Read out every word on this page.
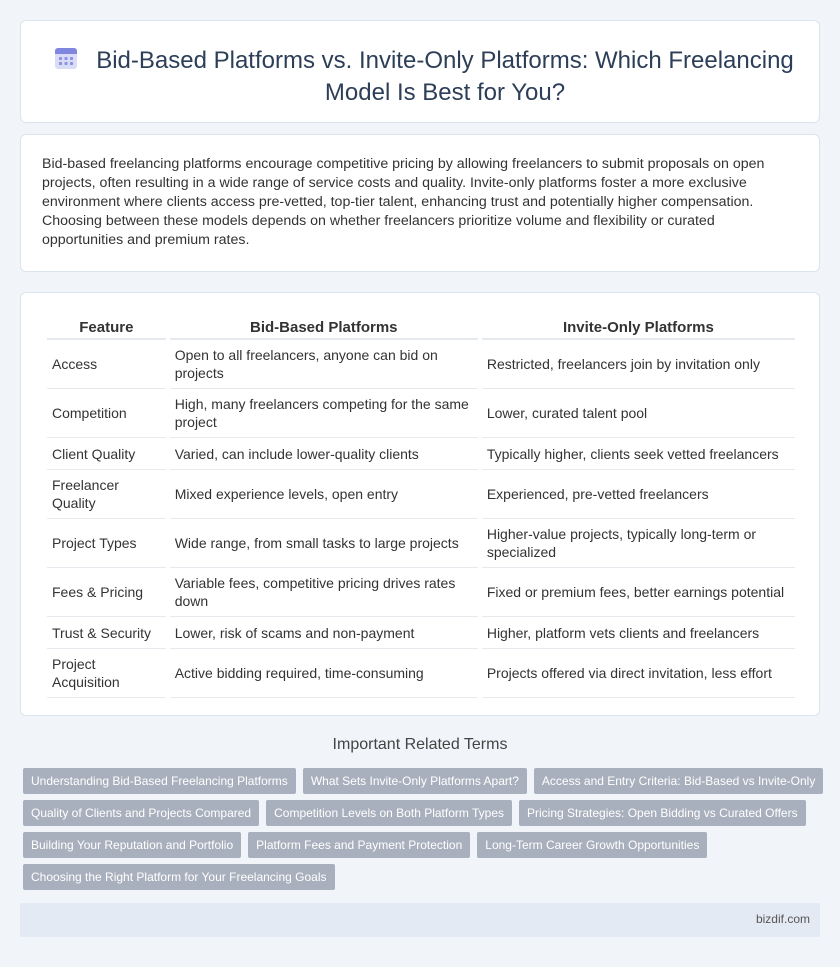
Bid-Based Platforms vs. Invite-Only Platforms: Which Freelancing Model Is Best for You?

Bid-based freelancing platforms encourage competitive pricing by allowing freelancers to submit proposals on open projects, often resulting in a wide range of service costs and quality. Invite-only platforms foster a more exclusive environment where clients access pre-vetted, top-tier talent, enhancing trust and potentially higher compensation. Choosing between these models depends on whether freelancers prioritize volume and flexibility or curated opportunities and premium rates.

Feature	Bid-Based Platforms	Invite-Only Platforms
Access	Open to all freelancers, anyone can bid on projects	Restricted, freelancers join by invitation only
Competition	High, many freelancers competing for the same project	Lower, curated talent pool
Client Quality	Varied, can include lower-quality clients	Typically higher, clients seek vetted freelancers
Freelancer Quality	Mixed experience levels, open entry	Experienced, pre-vetted freelancers
Project Types	Wide range, from small tasks to large projects	Higher-value projects, typically long-term or specialized
Fees & Pricing	Variable fees, competitive pricing drives rates down	Fixed or premium fees, better earnings potential
Trust & Security	Lower, risk of scams and non-payment	Higher, platform vets clients and freelancers
Project Acquisition	Active bidding required, time-consuming	Projects offered via direct invitation, less effort
Important Related Terms
Understanding Bid-Based Freelancing Platforms	What Sets Invite-Only Platforms Apart?	Access and Entry Criteria: Bid-Based vs Invite-Only
Quality of Clients and Projects Compared	Competition Levels on Both Platform Types	Pricing Strategies: Open Bidding vs Curated Offers
Building Your Reputation and Portfolio	Platform Fees and Payment Protection	Long-Term Career Growth Opportunities
Choosing the Right Platform for Your Freelancing Goals
bizdif.com
